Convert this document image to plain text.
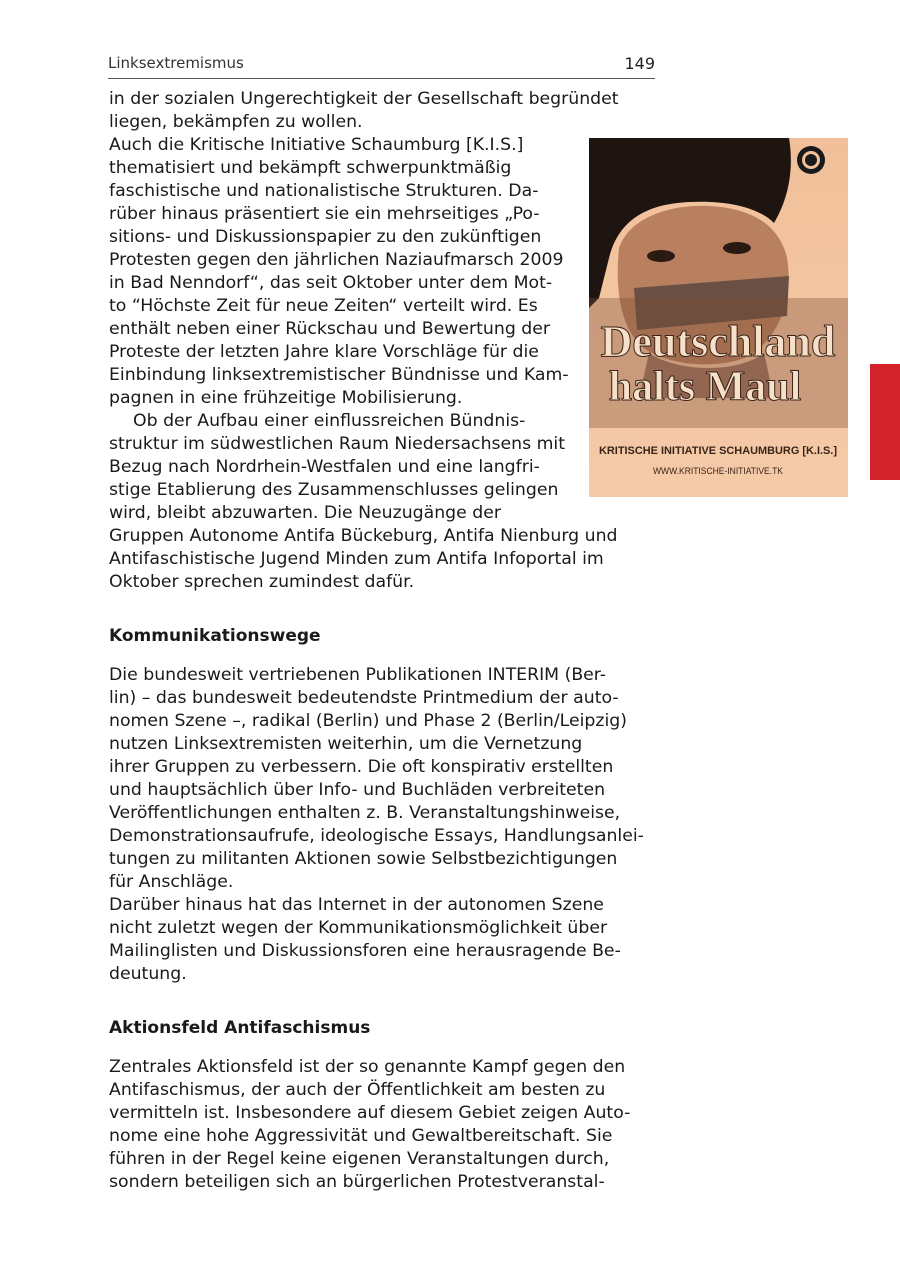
Linksextremismus	149
Deutschland
halts Maul
KRITISCHE INITIATIVE SCHAUMBURG [K.I.S.]
WWW.KRITISCHE-INITIATIVE.TK
in der sozialen Ungerechtigkeit der Gesellschaft begründet
liegen, bekämpfen zu wollen.
Auch die Kritische Initiative Schaumburg [K.I.S.]
thematisiert und bekämpft schwerpunktmäßig
faschistische und nationalistische Strukturen. Da-
rüber hinaus präsentiert sie ein mehrseitiges „Po-
sitions- und Diskussionspapier zu den zukünftigen
Protesten gegen den jährlichen Naziaufmarsch 2009
in Bad Nenndorf“, das seit Oktober unter dem Mot-
to “Höchste Zeit für neue Zeiten“ verteilt wird. Es
enthält neben einer Rückschau und Bewertung der
Proteste der letzten Jahre klare Vorschläge für die
Einbindung linksextremistischer Bündnisse und Kam-
pagnen in eine frühzeitige Mobilisierung.
Ob der Aufbau einer einflussreichen Bündnis-
struktur im südwestlichen Raum Niedersachsens mit
Bezug nach Nordrhein-Westfalen und eine langfri-
stige Etablierung des Zusammenschlusses gelingen
wird, bleibt abzuwarten. Die Neuzugänge der
Gruppen Autonome Antifa Bückeburg, Antifa Nienburg und
Antifaschistische Jugend Minden zum Antifa Infoportal im
Oktober sprechen zumindest dafür.
Kommunikationswege
Die bundesweit vertriebenen Publikationen INTERIM (Ber-
lin) – das bundesweit bedeutendste Printmedium der auto-
nomen Szene –, radikal (Berlin) und Phase 2 (Berlin/Leipzig)
nutzen Linksextremisten weiterhin, um die Vernetzung
ihrer Gruppen zu verbessern. Die oft konspirativ erstellten
und hauptsächlich über Info- und Buchläden verbreiteten
Veröffentlichungen enthalten z. B. Veranstaltungshinweise,
Demonstrationsaufrufe, ideologische Essays, Handlungsanlei-
tungen zu militanten Aktionen sowie Selbstbezichtigungen
für Anschläge.
Darüber hinaus hat das Internet in der autonomen Szene
nicht zuletzt wegen der Kommunikationsmöglichkeit über
Mailinglisten und Diskussionsforen eine herausragende Be-
deutung.
Aktionsfeld Antifaschismus
Zentrales Aktionsfeld ist der so genannte Kampf gegen den
Antifaschismus, der auch der Öffentlichkeit am besten zu
vermitteln ist. Insbesondere auf diesem Gebiet zeigen Auto-
nome eine hohe Aggressivität und Gewaltbereitschaft. Sie
führen in der Regel keine eigenen Veranstaltungen durch,
sondern beteiligen sich an bürgerlichen Protestveranstal-
